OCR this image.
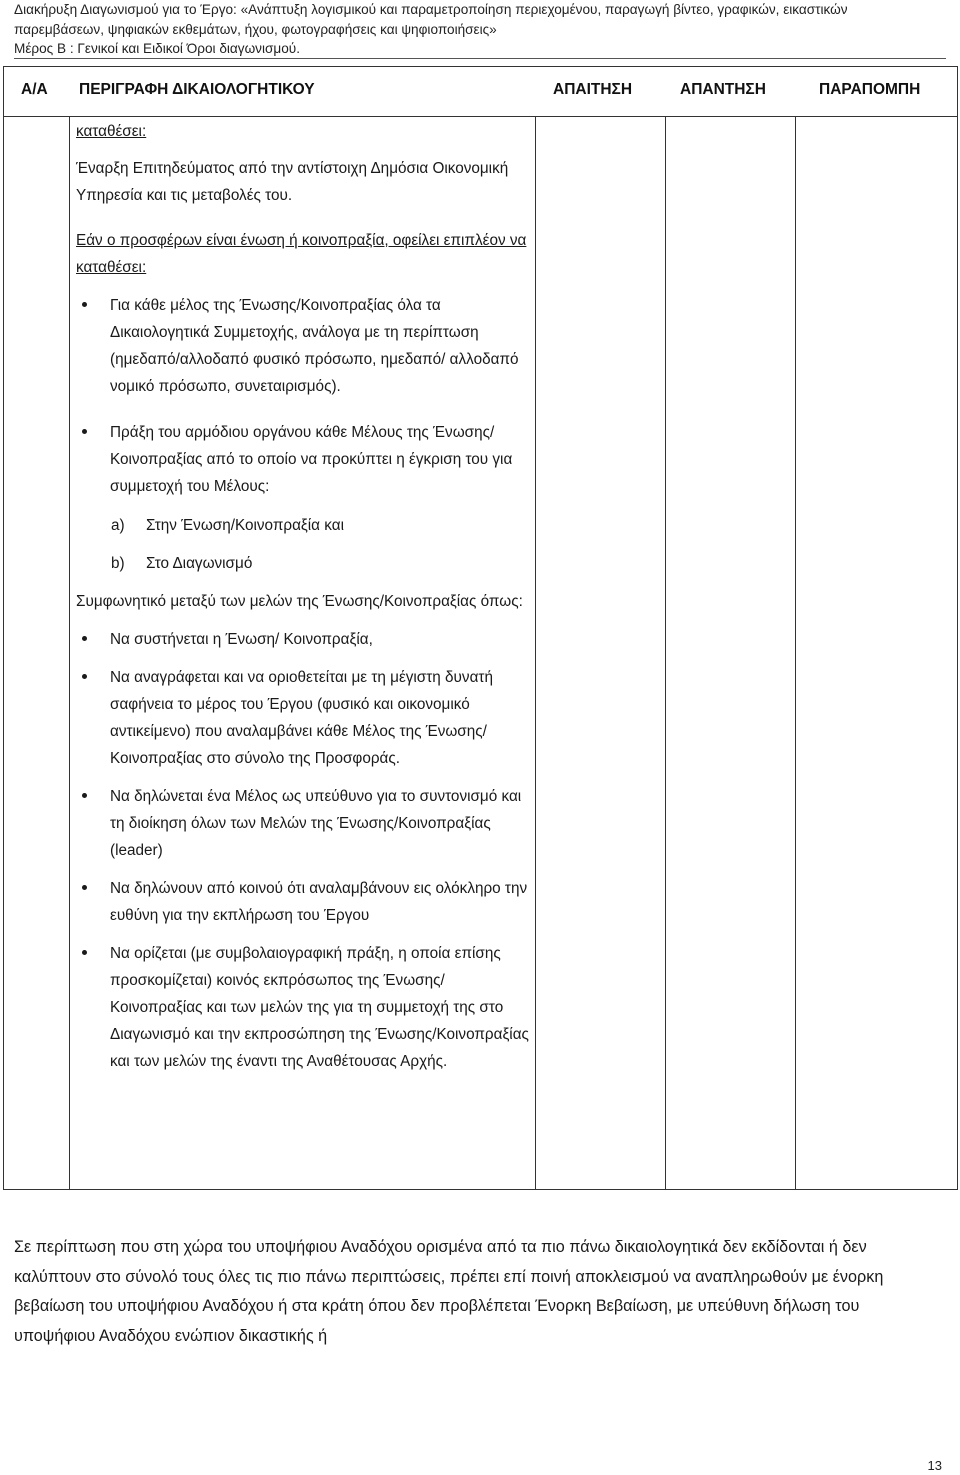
Διακήρυξη Διαγωνισμού για το Έργο: «Ανάπτυξη λογισμικού και παραμετροποίηση περιεχομένου, παραγωγή βίντεο, γραφικών, εικαστικών
παρεμβάσεων, ψηφιακών εκθεμάτων, ήχου, φωτογραφήσεις και ψηφιοποιήσεις»
Μέρος Β : Γενικοί και Ειδικοί Όροι διαγωνισμού.
Α/Α ΠΕΡΙΓΡΑΦΗ ΔΙΚΑΙΟΛΟΓΗΤΙΚΟΥ	ΑΠΑΙΤΗΣΗ	ΑΠΑΝΤΗΣΗ	ΠΑΡΑΠΟΜΠΗ

καταθέσει:

Έναρξη Επιτηδεύματος από την αντίστοιχη Δημόσια Οικονομική Υπηρεσία και τις μεταβολές του.

Εάν ο προσφέρων είναι ένωση ή κοινοπραξία, οφείλει επιπλέον να καταθέσει:

Για κάθε μέλος της Ένωσης/Κοινοπραξίας όλα τα Δικαιολογητικά Συμμετοχής, ανάλογα με τη περίπτωση (ημεδαπό/αλλοδαπό φυσικό πρόσωπο, ημεδαπό/ αλλοδαπό νομικό πρόσωπο, συνεταιρισμός).

Πράξη του αρμόδιου οργάνου κάθε Μέλους της Ένωσης/Κοινοπραξίας από το οποίο να προκύπτει η έγκριση του για συμμετοχή του Μέλους:

a) Στην Ένωση/Κοινοπραξία και

b) Στο Διαγωνισμό

Συμφωνητικό μεταξύ των μελών της Ένωσης/Κοινοπραξίας όπως:

Να συστήνεται η Ένωση/ Κοινοπραξία,

Να αναγράφεται και να οριοθετείται με τη μέγιστη δυνατή σαφήνεια το μέρος του Έργου (φυσικό και οικονομικό αντικείμενο) που αναλαμβάνει κάθε Μέλος της Ένωσης/Κοινοπραξίας στο σύνολο της Προσφοράς.

Να δηλώνεται ένα Μέλος ως υπεύθυνο για το συντονισμό και τη διοίκηση όλων των Μελών της Ένωσης/Κοινοπραξίας (leader)

Να δηλώνουν από κοινού ότι αναλαμβάνουν εις ολόκληρο την ευθύνη για την εκπλήρωση του Έργου

Να ορίζεται (με συμβολαιογραφική πράξη, η οποία επίσης προσκομίζεται) κοινός εκπρόσωπος της Ένωσης/Κοινοπραξίας και των μελών της για τη συμμετοχή της στο Διαγωνισμό και την εκπροσώπηση της Ένωσης/Κοινοπραξίας και των μελών της έναντι της Αναθέτουσας Αρχής.

Σε περίπτωση που στη χώρα του υποψήφιου Αναδόχου ορισμένα από τα πιο πάνω δικαιολογητικά δεν εκδίδονται ή δεν καλύπτουν στο σύνολό τους όλες τις πιο πάνω περιπτώσεις, πρέπει επί ποινή αποκλεισμού να αναπληρωθούν με ένορκη βεβαίωση του υποψήφιου Αναδόχου ή στα κράτη όπου δεν προβλέπεται Ένορκη Βεβαίωση, με υπεύθυνη δήλωση του υποψήφιου Αναδόχου ενώπιον δικαστικής ή

13
